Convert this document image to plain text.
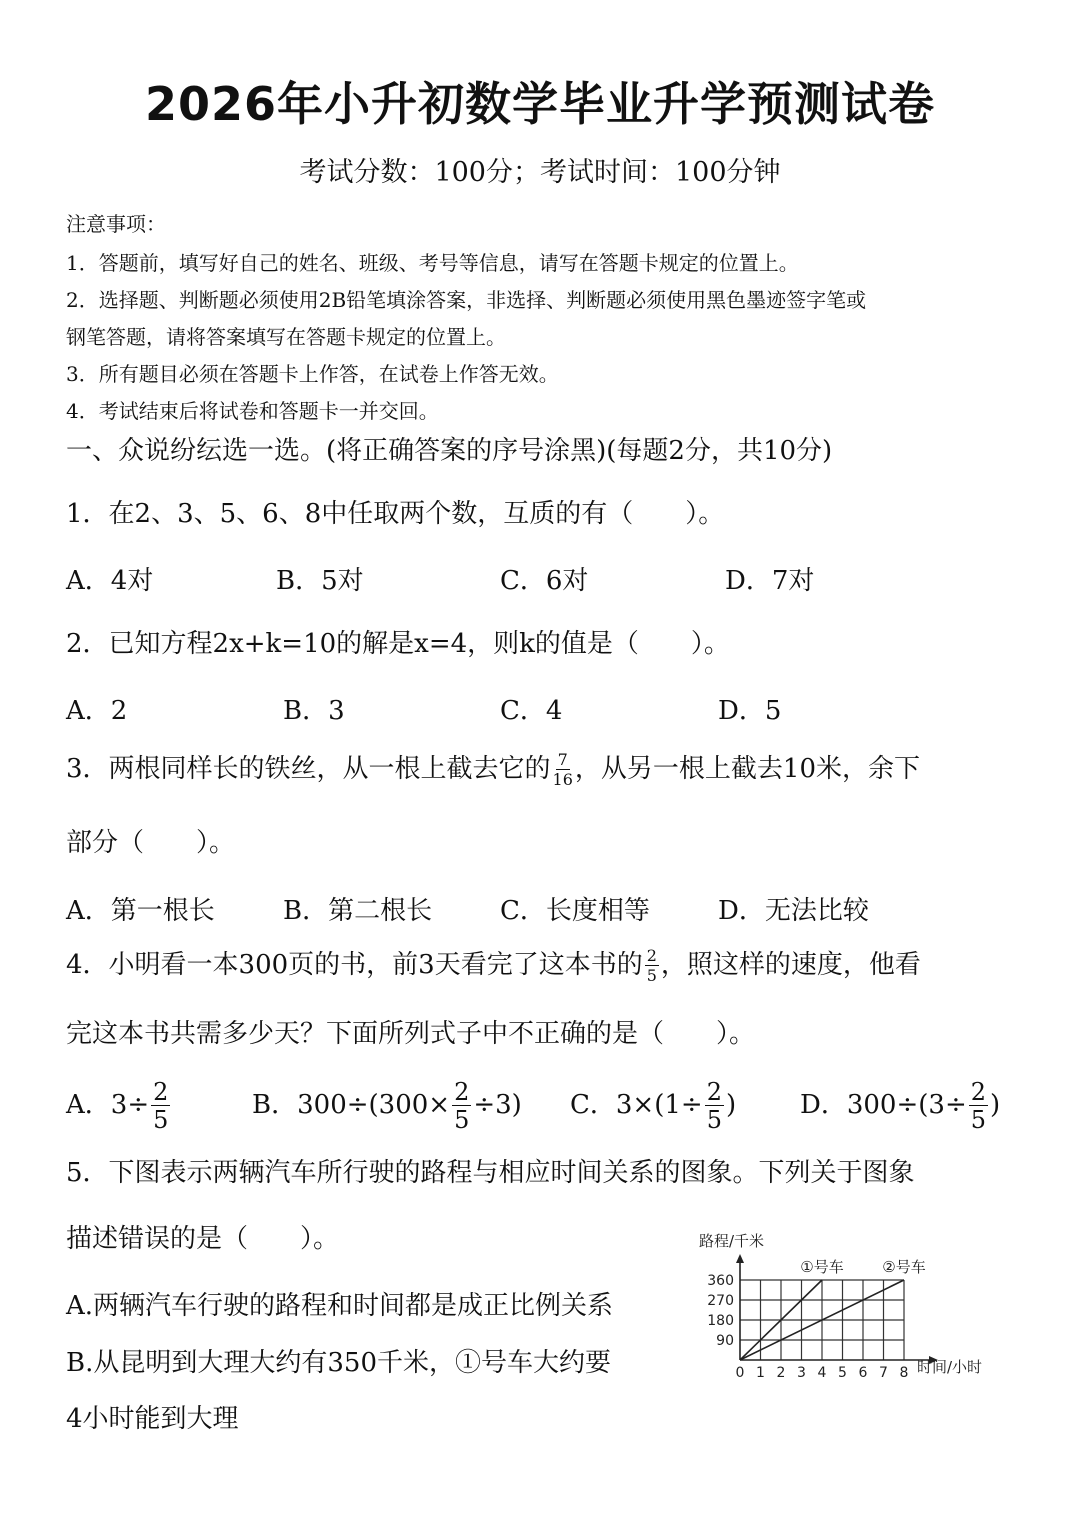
2026年小升初数学毕业升学预测试卷
考试分数：100分；考试时间：100分钟
注意事项：
1．答题前，填写好自己的姓名、班级、考号等信息，请写在答题卡规定的位置上。
2．选择题、判断题必须使用2B铅笔填涂答案，非选择、判断题必须使用黑色墨迹签字笔或
钢笔答题，请将答案填写在答题卡规定的位置上。
3．所有题目必须在答题卡上作答，在试卷上作答无效。
4．考试结束后将试卷和答题卡一并交回。
一、众说纷纭选一选。(将正确答案的序号涂黑)(每题2分，共10分)
1．在2、3、5、6、8中任取两个数，互质的有（　　）。
A．4对	B．5对	C．6对	D．7对
2．已知方程2x+k=10的解是x=4，则k的值是（　　）。
A．2	B．3	C．4	D．5
3．两根同样长的铁丝，从一根上截去它的 $\frac{7}{16}$ ，从另一根上截去10米，余下
部分（　　）。
A．第一根长	B．第二根长	C．长度相等	D．无法比较
4．小明看一本300页的书，前3天看完了这本书的 $\frac{2}{5}$ ，照这样的速度，他看
完这本书共需多少天？下面所列式子中不正确的是（　　）。
A．$3\div \frac{2}{5}$	B．$300\div(300\times \frac{2}{5} \div 3)$ C．$3\times(1\div \frac{2}{5}$ ) D．$300\div(3\div \frac{2}{5}$ )
5．下图表示两辆汽车所行驶的路程与相应时间关系的图象。下列关于图象
描述错误的是（　　）。
A.两辆汽车行驶的路程和时间都是成正比例关系
B.从昆明到大理大约有350千米，①号车大约要
4小时能到大理
0 1 2 3 4 5 6 7 8
90
180
270
360
路程/千米
时间/小时
①号车	②号车
